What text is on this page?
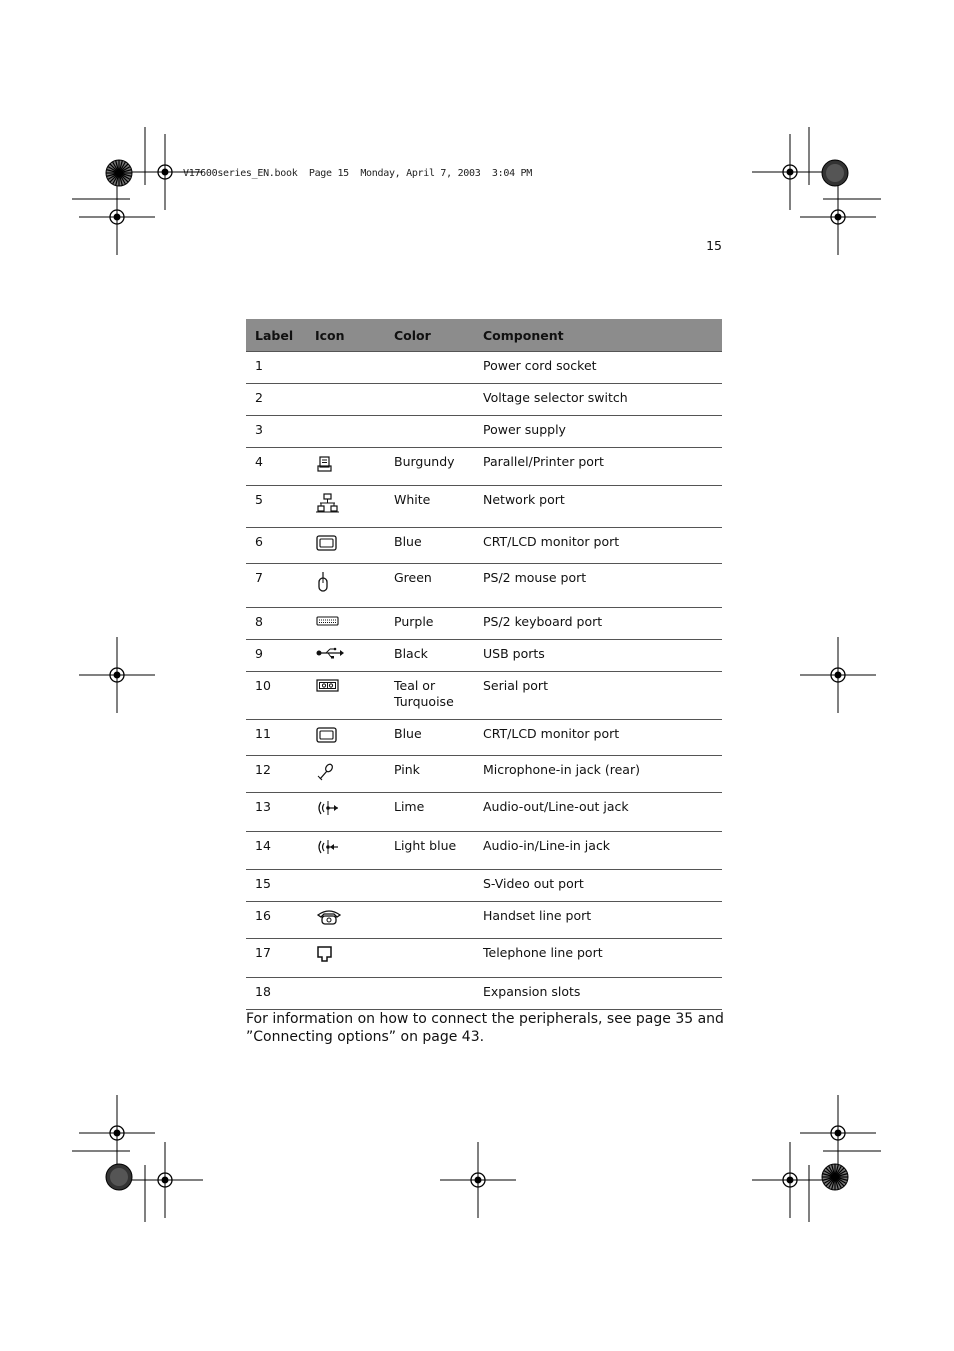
V17600series_EN.book  Page 15  Monday, April 7, 2003  3:04 PM
15
Label	Icon	Color	Component
1			Power cord socket
2			Voltage selector switch
3			Power supply
4		Burgundy	Parallel/Printer port
5		White	Network port
6		Blue	CRT/LCD monitor port
7		Green	PS/2 mouse port
8		Purple	PS/2 keyboard port
9		Black	USB ports
10		Teal or Turquoise	Serial port
11		Blue	CRT/LCD monitor port
12		Pink	Microphone-in jack (rear)
13		Lime	Audio-out/Line-out jack
14		Light blue	Audio-in/Line-in jack
15			S-Video out port
16			Handset line port
17			Telephone line port
18			Expansion slots
For information on how to connect the peripherals, see page 35 and ”Connecting options” on page 43.
